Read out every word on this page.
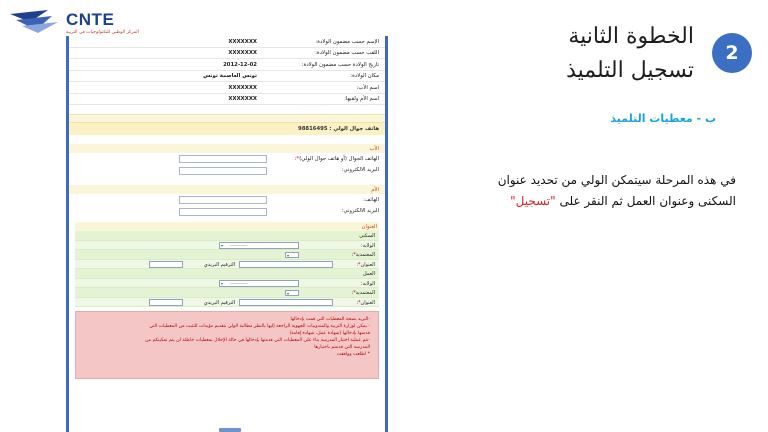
CNTE
المركز الوطني للتكنولوجيات في التربية
الإسم حسب مضمون الولادة:
XXXXXXX
اللقب حسب مضمون الولادة:
XXXXXXX
تاريخ الولادة حسب مضمون الولادة:
2012-12-02
مكان الولادة:
تونس العاصمة تونس
اسم الأب:
XXXXXXX
اسم الأم ولقبها:
XXXXXXX
هاتف جوال الولي : 98816495
الأب
الهاتف الجوال (أو هاتف جوال الولي)*:
البريد الالكتروني:
الأم
الهاتف:
البريد الالكتروني:
العنوان
السكنى
الولاية:
▾ ------------
المعتمدية*:
▾
العنوان*:
الترقيم البريدي
العمل
الولاية:
▾ ------------
المعتمدية*:
▾
العنوان*:
الترقيم البريدي

-البريد بصحة المعطيات التي قمت بإدخالها

- يمكن لوزارة التربية والمندوبيات الجهوية الراجعة إليها بالنظر مطالبة الولي بتقديم مؤيدات للتثبت من المعطيات التي

قدمتها بإدخالها (شهادة عمل، شهادة إقامة)

-تتم عملية اختيار المدرسة بناء على المعطيات التي قدمتها بإدخالها في حالة الإخلال بمعطيات خاطئة لن يتم تمكينكم من

المدرسة التي قدمتم باختيارها

* اطلعت ووافقت

2
الخطوة الثانية
تسجيل التلميذ
ب - معطيات التلميذ
في هذه المرحلة سيتمكن الولي من تحديد عنوان السكنى وعنوان العمل ثم النقر على "تسجيل"
